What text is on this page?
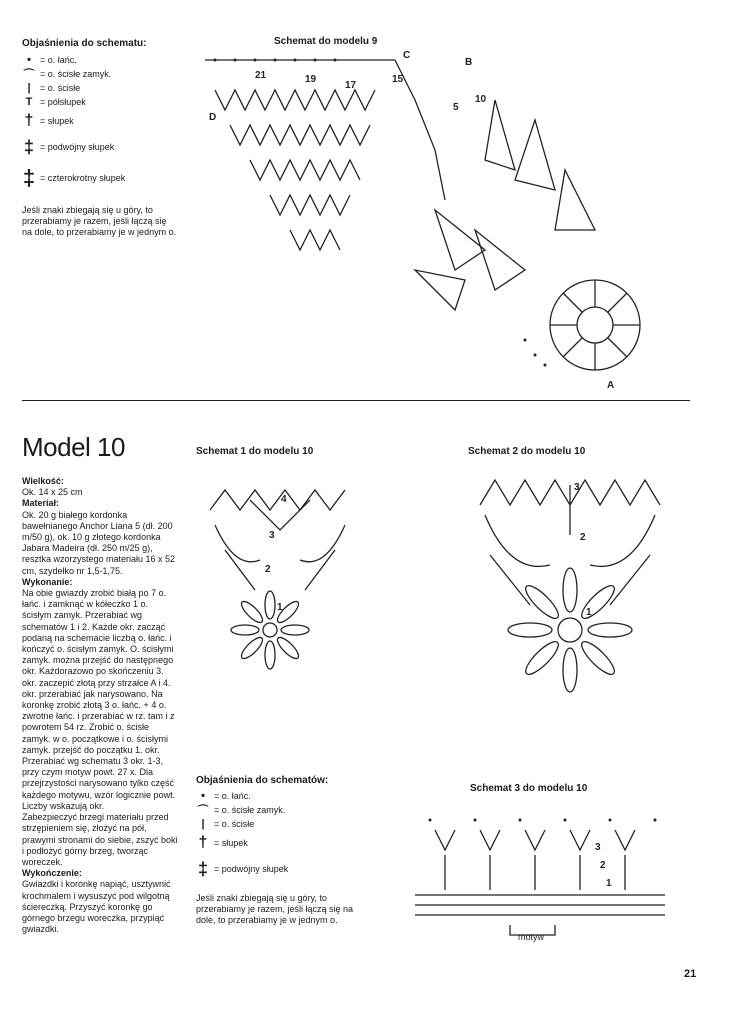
Objaśnienia do schematu:
•	= o. łańc.
⌒ = o. ścisłe zamyk.
|	= o. ścisłe
T = półsłupek
† = słupek
‡ = podwójny słupek
‡ = czterokrotny słupek
Jeśli znaki zbiegają się u góry, to przerabiamy je razem, jeśli łączą się na dole, to przerabiamy je w jednym o.
Schemat do modelu 9
D
21	19
17
15
C
B
10
5
A
Model 10
Wielkość:
Ok. 14 x 25 cm
Materiał:
Ok. 20 g białego kordonka bawełnianego Anchor Liana 5 (dł. 200 m/50 g), ok. 10 g złotego kordonka Jabara Madeira (dł. 250 m/25 g), resztka wzorzystego materiału 16 x 52 cm, szydełko nr 1,5-1,75.
Wykonanie:
Na obie gwiazdy zrobić białą po 7 o. łańc. i zamknąć w kółeczko 1 o. ścisłym zamyk. Przerabiać wg schematów 1 i 2. Każde okr. zacząć podaną na schemacie liczbą o. łańc. i kończyć o. ścisłym zamyk. O. ścisłymi zamyk. można przejść do następnego okr. Każdorazowo po skończeniu 3. okr. zaczepić złotą przy strzałce A i 4. okr. przerabiać jak narysowano. Na koronkę zrobić złotą 3 o. łańc. + 4 o. zwrotne łańc. i przerabiać w rz. tam i z powrotem 54 rz. Zrobić o. ścisłe zamyk. w o. początkowe i o. ścisłymi zamyk. przejść do początku 1. okr. Przerabiać wg schematu 3 okr. 1-3, przy czym motyw powt. 27 x. Dla przejrzystości narysowano tylko część każdego motywu, wzór logicznie powt. Liczby wskazują okr.
Zabezpieczyć brzegi materiału przed strzępieniem się, złożyć na pół, prawymi stronami do siebie, zszyć boki i podłożyć górny brzeg, tworząc woreczek.
Wykończenie:
Gwiazdki i koronkę napiąć, usztywnić krochmalem i wysuszyć pod wilgotną ściereczką. Przyszyć koronkę go górnego brzegu woreczka, przypiąć gwiazdki.
Schemat 1 do modelu 10
4
3
2
1
Schemat 2 do modelu 10
3
2
1
Objaśnienia do schematów:
•	= o. łańc.
⌒ = o. ścisłe zamyk.
|	= o. ścisłe
† = słupek
‡ = podwójny słupek
Jeśli znaki zbiegają się u góry, to przerabiamy je razem, jeśli łączą się na dole, to przerabiamy je w jednym o.
Schemat 3 do modelu 10
3
2
1
motyw
21
